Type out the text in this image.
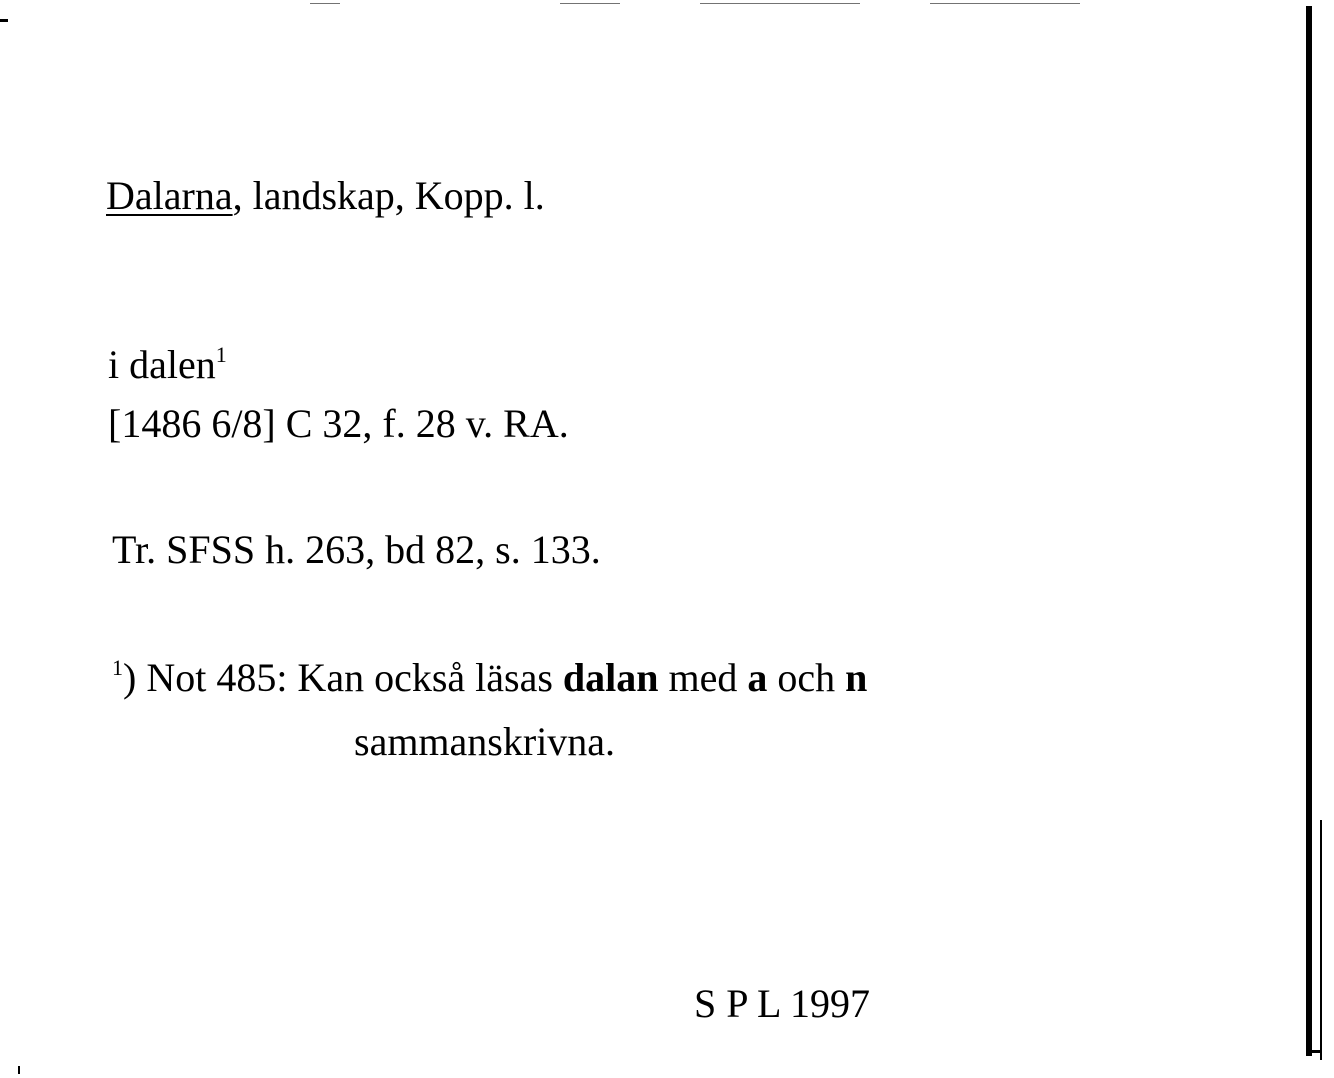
Dalarna, landskap, Kopp. l.
i dalen$^1$
[1486 6/8] C 32, f. 28 v. RA.
Tr. SFSS h. 263, bd 82, s. 133.
$^1$) Not 485: Kan också läsas dalan med a och n
sammanskrivna.
S P L 1997
